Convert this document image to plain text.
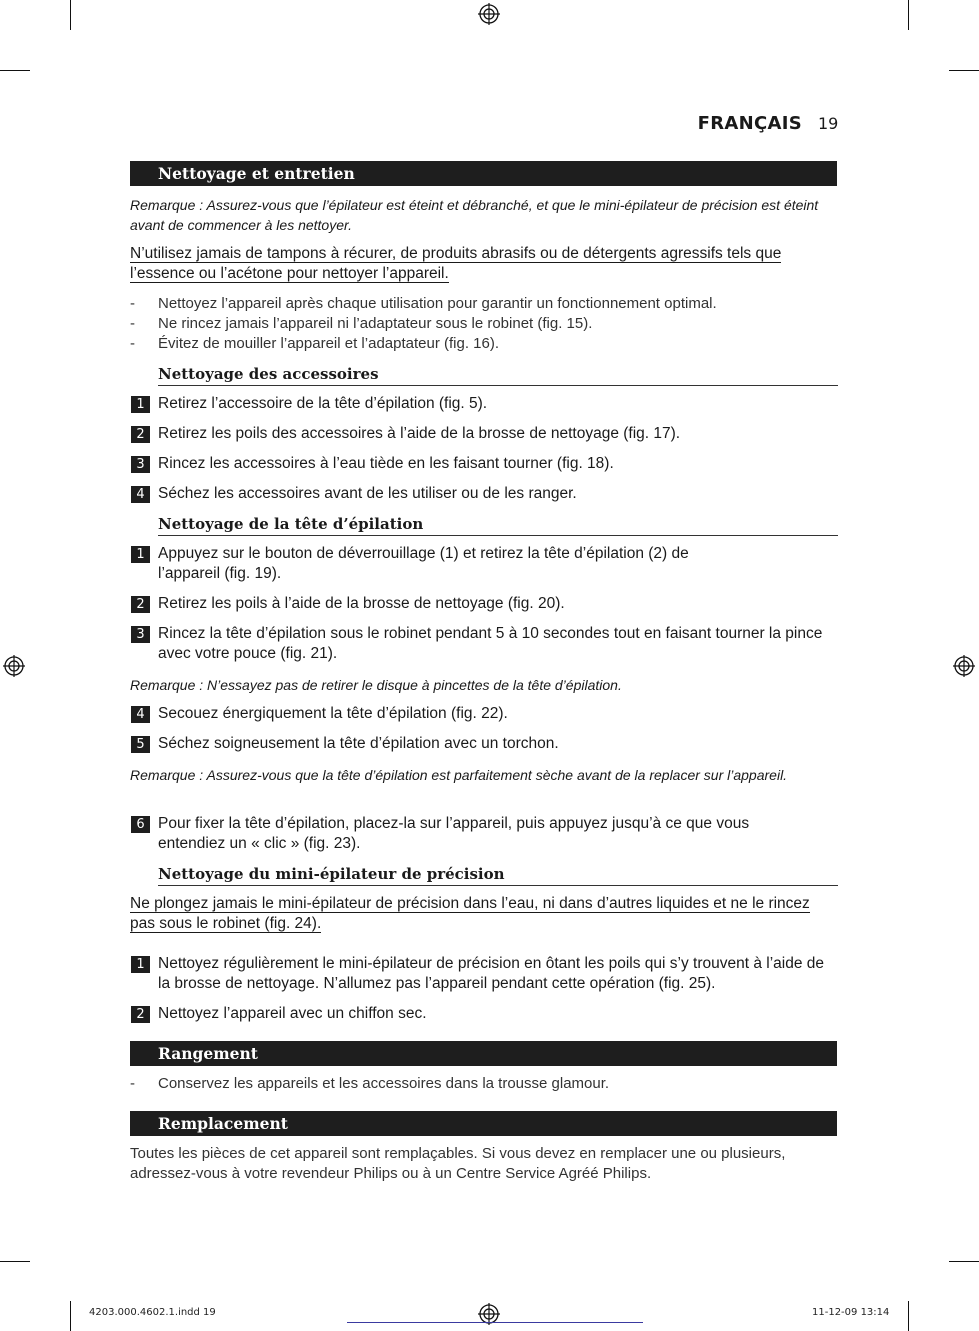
FRANÇAIS 19
Nettoyage et entretien
Remarque : Assurez-vous que l’épilateur est éteint et débranché, et que le mini-épilateur de précision est éteint avant de commencer à les nettoyer.
N’utilisez jamais de tampons à récurer, de produits abrasifs ou de détergents agressifs tels que l’essence ou l’acétone pour nettoyer l’appareil.
- Nettoyez l’appareil après chaque utilisation pour garantir un fonctionnement optimal.
- Ne rincez jamais l’appareil ni l’adaptateur sous le robinet (fig. 15).
- Évitez de mouiller l’appareil et l’adaptateur (fig. 16).
Nettoyage des accessoires
1 Retirez l’accessoire de la tête d’épilation (fig. 5).
2 Retirez les poils des accessoires à l’aide de la brosse de nettoyage (fig. 17).
3 Rincez les accessoires à l’eau tiède en les faisant tourner (fig. 18).
4 Séchez les accessoires avant de les utiliser ou de les ranger.
Nettoyage de la tête d’épilation
1 Appuyez sur le bouton de déverrouillage (1) et retirez la tête d’épilation (2) de l’appareil (fig. 19).
2 Retirez les poils à l’aide de la brosse de nettoyage (fig. 20).
3 Rincez la tête d’épilation sous le robinet pendant 5 à 10 secondes tout en faisant tourner la pince avec votre pouce (fig. 21).
Remarque : N’essayez pas de retirer le disque à pincettes de la tête d’épilation.
4 Secouez énergiquement la tête d’épilation (fig. 22).
5 Séchez soigneusement la tête d’épilation avec un torchon.
Remarque : Assurez-vous que la tête d’épilation est parfaitement sèche avant de la replacer sur l’appareil.
6 Pour fixer la tête d’épilation, placez-la sur l’appareil, puis appuyez jusqu’à ce que vous entendiez un « clic » (fig. 23).
Nettoyage du mini-épilateur de précision
Ne plongez jamais le mini-épilateur de précision dans l’eau, ni dans d’autres liquides et ne le rincez pas sous le robinet (fig. 24).
1 Nettoyez régulièrement le mini-épilateur de précision en ôtant les poils qui s’y trouvent à l’aide de la brosse de nettoyage. N’allumez pas l’appareil pendant cette opération (fig. 25).
2 Nettoyez l’appareil avec un chiffon sec.
Rangement
- Conservez les appareils et les accessoires dans la trousse glamour.
Remplacement
Toutes les pièces de cet appareil sont remplaçables. Si vous devez en remplacer une ou plusieurs, adressez-vous à votre revendeur Philips ou à un Centre Service Agréé Philips.
4203.000.4602.1.indd 19	11-12-09 13:14
